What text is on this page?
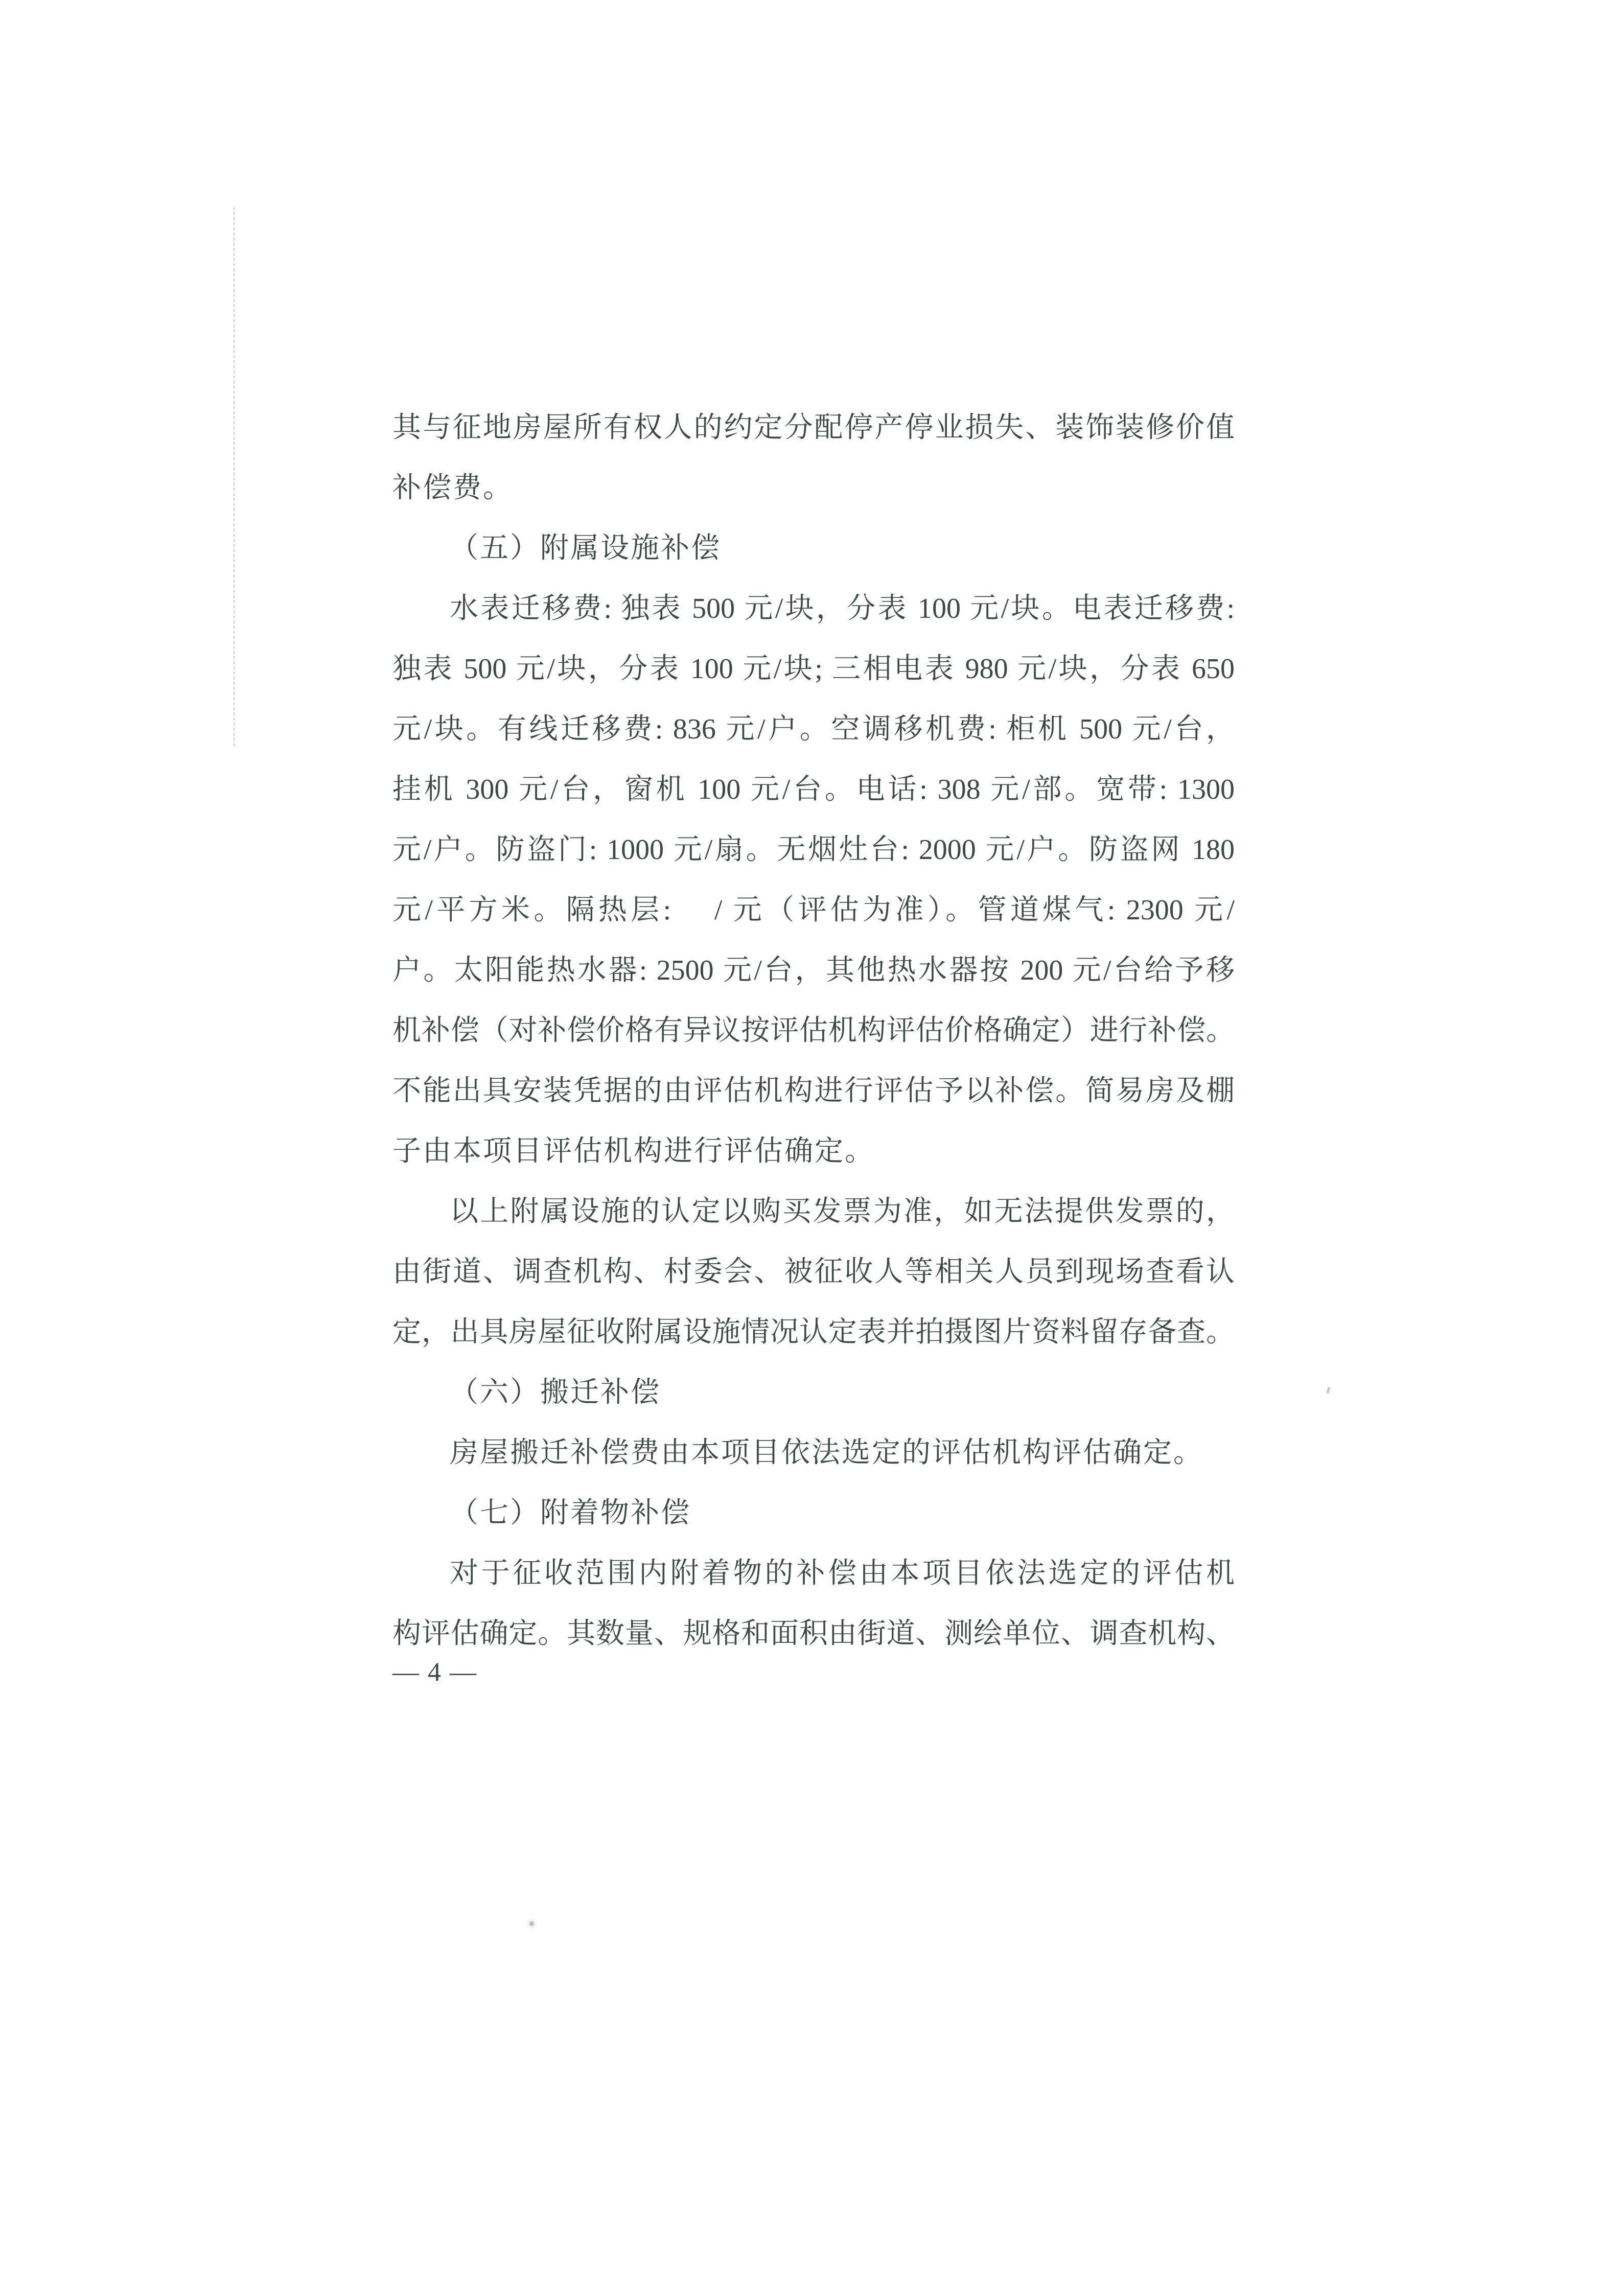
其与征地房屋所有权人的约定分配停产停业损失、装饰装修价值
补偿费。
（五）附属设施补偿
水表迁移费: 独表 500 元/块，分表 100 元/块。电表迁移费:
独表 500 元/块，分表 100 元/块; 三相电表 980 元/块，分表 650
元/块。有线迁移费: 836 元/户。空调移机费: 柜机 500 元/台，
挂机 300 元/台，窗机 100 元/台。电话: 308 元/部。宽带: 1300
元/户。防盗门: 1000 元/扇。无烟灶台: 2000 元/户。防盗网 180
元/平方米。隔热层: 　/ 元（评估为准）。管道煤气: 2300 元/
户。太阳能热水器: 2500 元/台，其他热水器按 200 元/台给予移
机补偿（对补偿价格有异议按评估机构评估价格确定）进行补偿。
不能出具安装凭据的由评估机构进行评估予以补偿。简易房及棚
子由本项目评估机构进行评估确定。
以上附属设施的认定以购买发票为准，如无法提供发票的，
由街道、调查机构、村委会、被征收人等相关人员到现场查看认
定，出具房屋征收附属设施情况认定表并拍摄图片资料留存备查。
（六）搬迁补偿
房屋搬迁补偿费由本项目依法选定的评估机构评估确定。
（七）附着物补偿
对于征收范围内附着物的补偿由本项目依法选定的评估机
构评估确定。其数量、规格和面积由街道、测绘单位、调查机构、
— 4 —
